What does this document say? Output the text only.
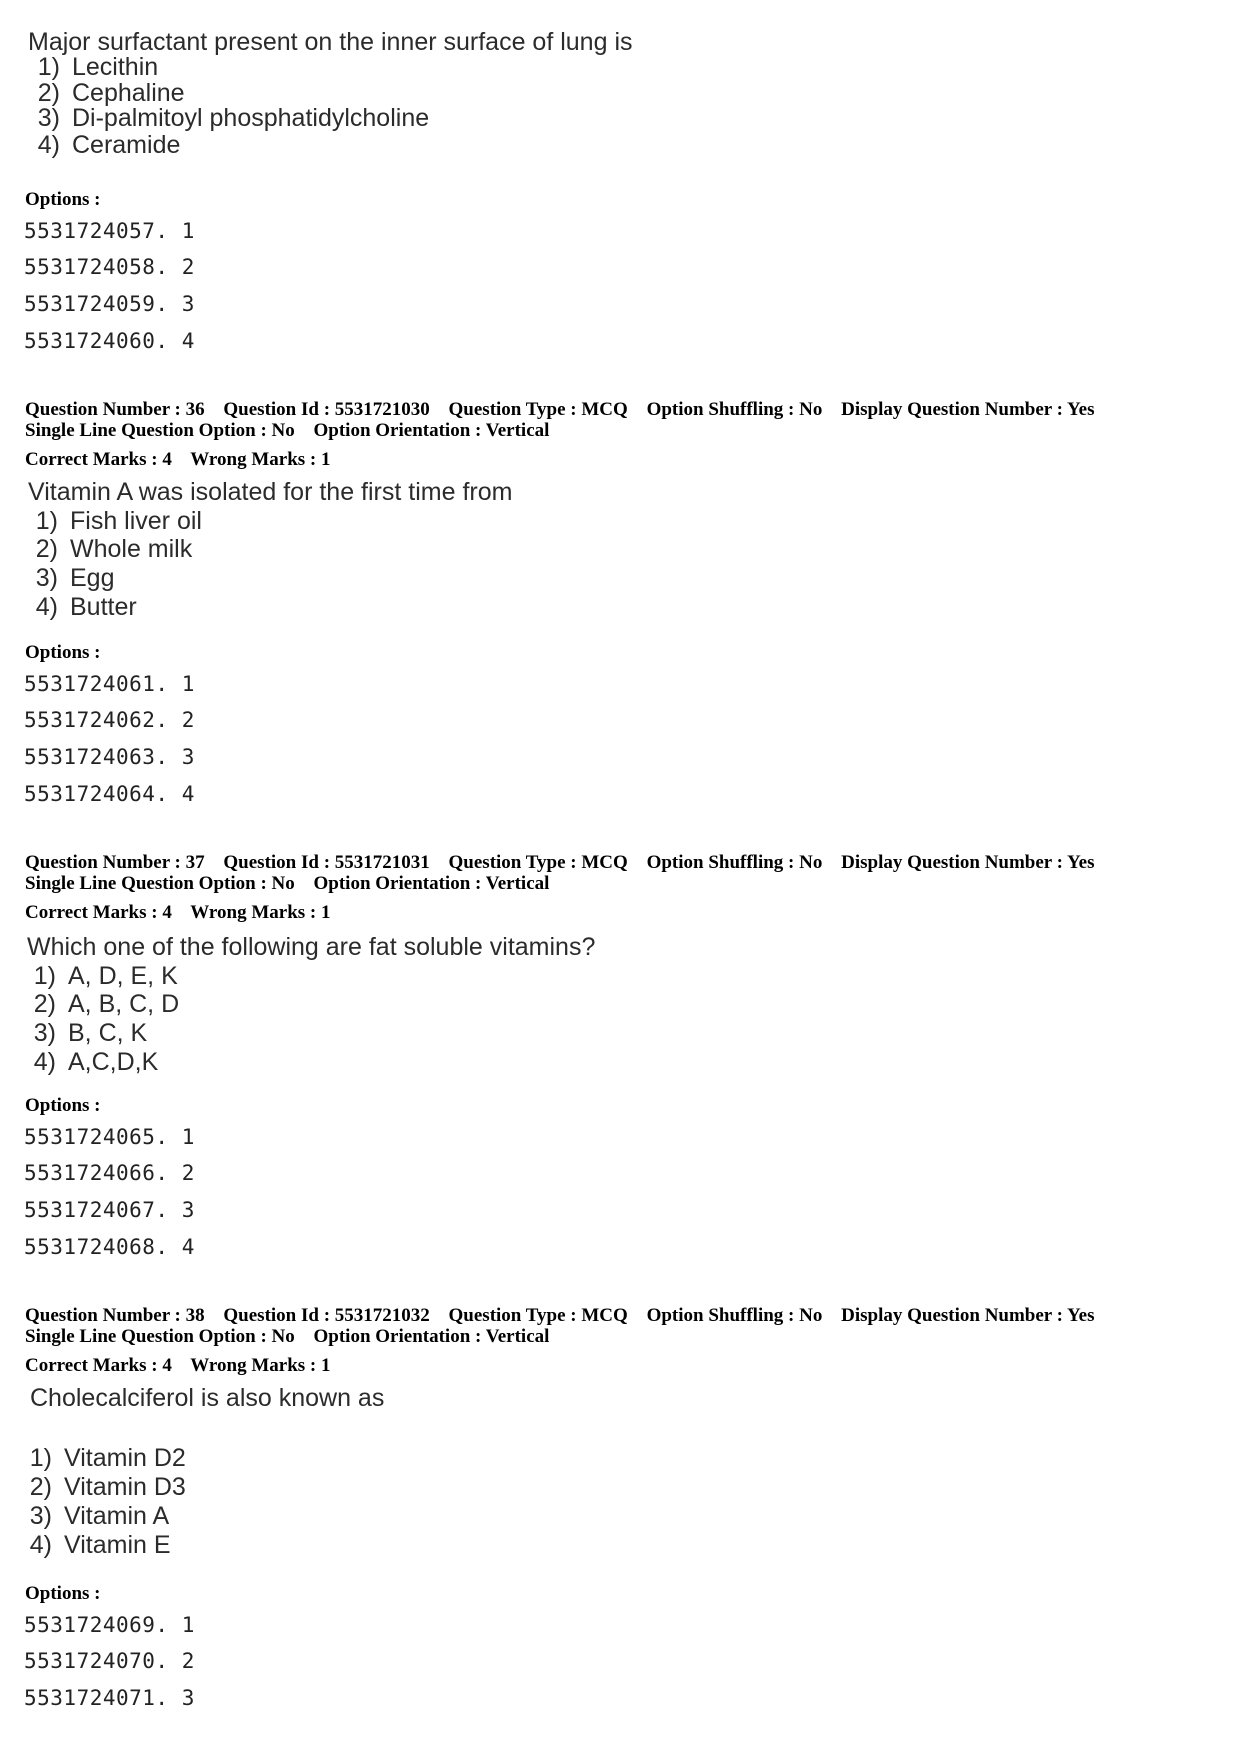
Major surfactant present on the inner surface of lung is
1) Lecithin
2) Cephaline
3) Di-palmitoyl phosphatidylcholine
4) Ceramide
Options :
5531724057. 1
5531724058. 2
5531724059. 3
5531724060. 4
Question Number : 36 Question Id : 5531721030 Question Type : MCQ Option Shuffling : No Display Question Number : Yes
Single Line Question Option : No Option Orientation : Vertical
Correct Marks : 4 Wrong Marks : 1
Vitamin A was isolated for the first time from
1) Fish liver oil
2) Whole milk
3) Egg
4) Butter
Options :
5531724061. 1
5531724062. 2
5531724063. 3
5531724064. 4
Question Number : 37 Question Id : 5531721031 Question Type : MCQ Option Shuffling : No Display Question Number : Yes
Single Line Question Option : No Option Orientation : Vertical
Correct Marks : 4 Wrong Marks : 1
Which one of the following are fat soluble vitamins?
1) A, D, E, K
2) A, B, C, D
3) B, C, K
4) A,C,D,K
Options :
5531724065. 1
5531724066. 2
5531724067. 3
5531724068. 4
Question Number : 38 Question Id : 5531721032 Question Type : MCQ Option Shuffling : No Display Question Number : Yes
Single Line Question Option : No Option Orientation : Vertical
Correct Marks : 4 Wrong Marks : 1
Cholecalciferol is also known as
1) Vitamin D2
2) Vitamin D3
3) Vitamin A
4) Vitamin E
Options :
5531724069. 1
5531724070. 2
5531724071. 3
